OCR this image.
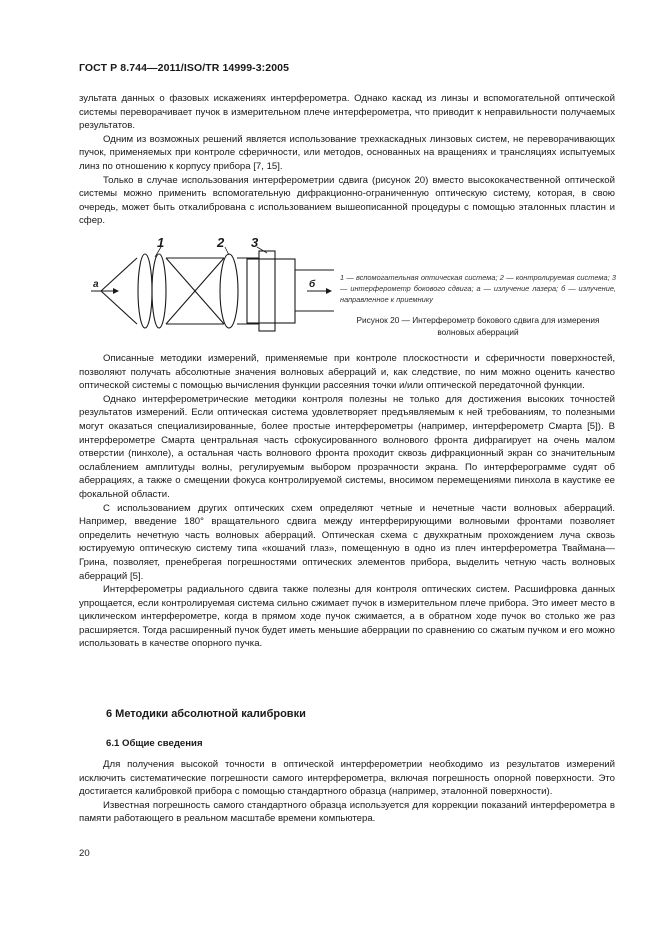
ГОСТ Р 8.744—2011/ISO/TR 14999-3:2005

зультата данных о фазовых искажениях интерферометра. Однако каскад из линзы и вспомогательной оптической системы переворачивает пучок в измерительном плече интерферометра, что приводит к неправильности получаемых результатов.

Одним из возможных решений является использование трехкаскадных линзовых систем, не переворачивающих пучок, применяемых при контроле сферичности, или методов, основанных на вращениях и трансляциях испытуемых линз по отношению к корпусу прибора [7, 15].

Только в случае использования интерферометрии сдвига (рисунок 20) вместо высококачественной оптической системы можно применить вспомогательную дифракционно-ограниченную оптическую систему, которая, в свою очередь, может быть откалибрована с использованием вышеописанной процедуры с помощью эталонных пластин и сфер.

1	2 3
а	б
1 — вспомогательная оптическая система; 2 — контролируемая система; 3 — интерферометр бокового сдвига; а — излучение лазера; б — излучение, направленное к приемнику
Рисунок 20 — Интерферометр бокового сдвига для измерения волновых аберраций

Описанные методики измерений, применяемые при контроле плоскостности и сферичности поверхностей, позволяют получать абсолютные значения волновых аберраций и, как следствие, по ним можно оценить качество оптической системы с помощью вычисления функции рассеяния точки и/или оптической передаточной функции.

Однако интерферометрические методики контроля полезны не только для достижения высоких точностей результатов измерений. Если оптическая система удовлетворяет предъявляемым к ней требованиям, то полезными могут оказаться специализированные, более простые интерферометры (например, интерферометр Смарта [5]). В интерферометре Смарта центральная часть сфокусированного волнового фронта дифрагирует на очень малом отверстии (пинхоле), а остальная часть волнового фронта проходит сквозь дифракционный экран со значительным ослаблением амплитуды волны, регулируемым выбором прозрачности экрана. По интерферограмме судят об аберрациях, а также о смещении фокуса контролируемой системы, вносимом перемещениями пинхола в каустике ее фокальной области.

С использованием других оптических схем определяют четные и нечетные части волновых аберраций. Например, введение 180° вращательного сдвига между интерферирующими волновыми фронтами позволяет определить нечетную часть волновых аберраций. Оптическая схема с двухкратным прохождением луча сквозь юстируемую оптическую систему типа «кошачий глаз», помещенную в одно из плеч интерферометра Тваймана—Грина, позволяет, пренебрегая погрешностями оптических элементов прибора, выделить четную часть волновых аберраций [5].

Интерферометры радиального сдвига также полезны для контроля оптических систем. Расшифровка данных упрощается, если контролируемая система сильно сжимает пучок в измерительном плече прибора. Это имеет место в циклическом интерферометре, когда в прямом ходе пучок сжимается, а в обратном ходе пучок во столько же раз расширяется. Тогда расширенный пучок будет иметь меньшие аберрации по сравнению со сжатым пучком и его можно использовать в качестве опорного пучка.

6 Методики абсолютной калибровки
6.1 Общие сведения

Для получения высокой точности в оптической интерферометрии необходимо из результатов измерений исключить систематические погрешности самого интерферометра, включая погрешность опорной поверхности. Это достигается калибровкой прибора с помощью стандартного образца (например, эталонной поверхности).

Известная погрешность самого стандартного образца используется для коррекции показаний интерферометра в памяти работающего в реальном масштабе времени компьютера.

20
